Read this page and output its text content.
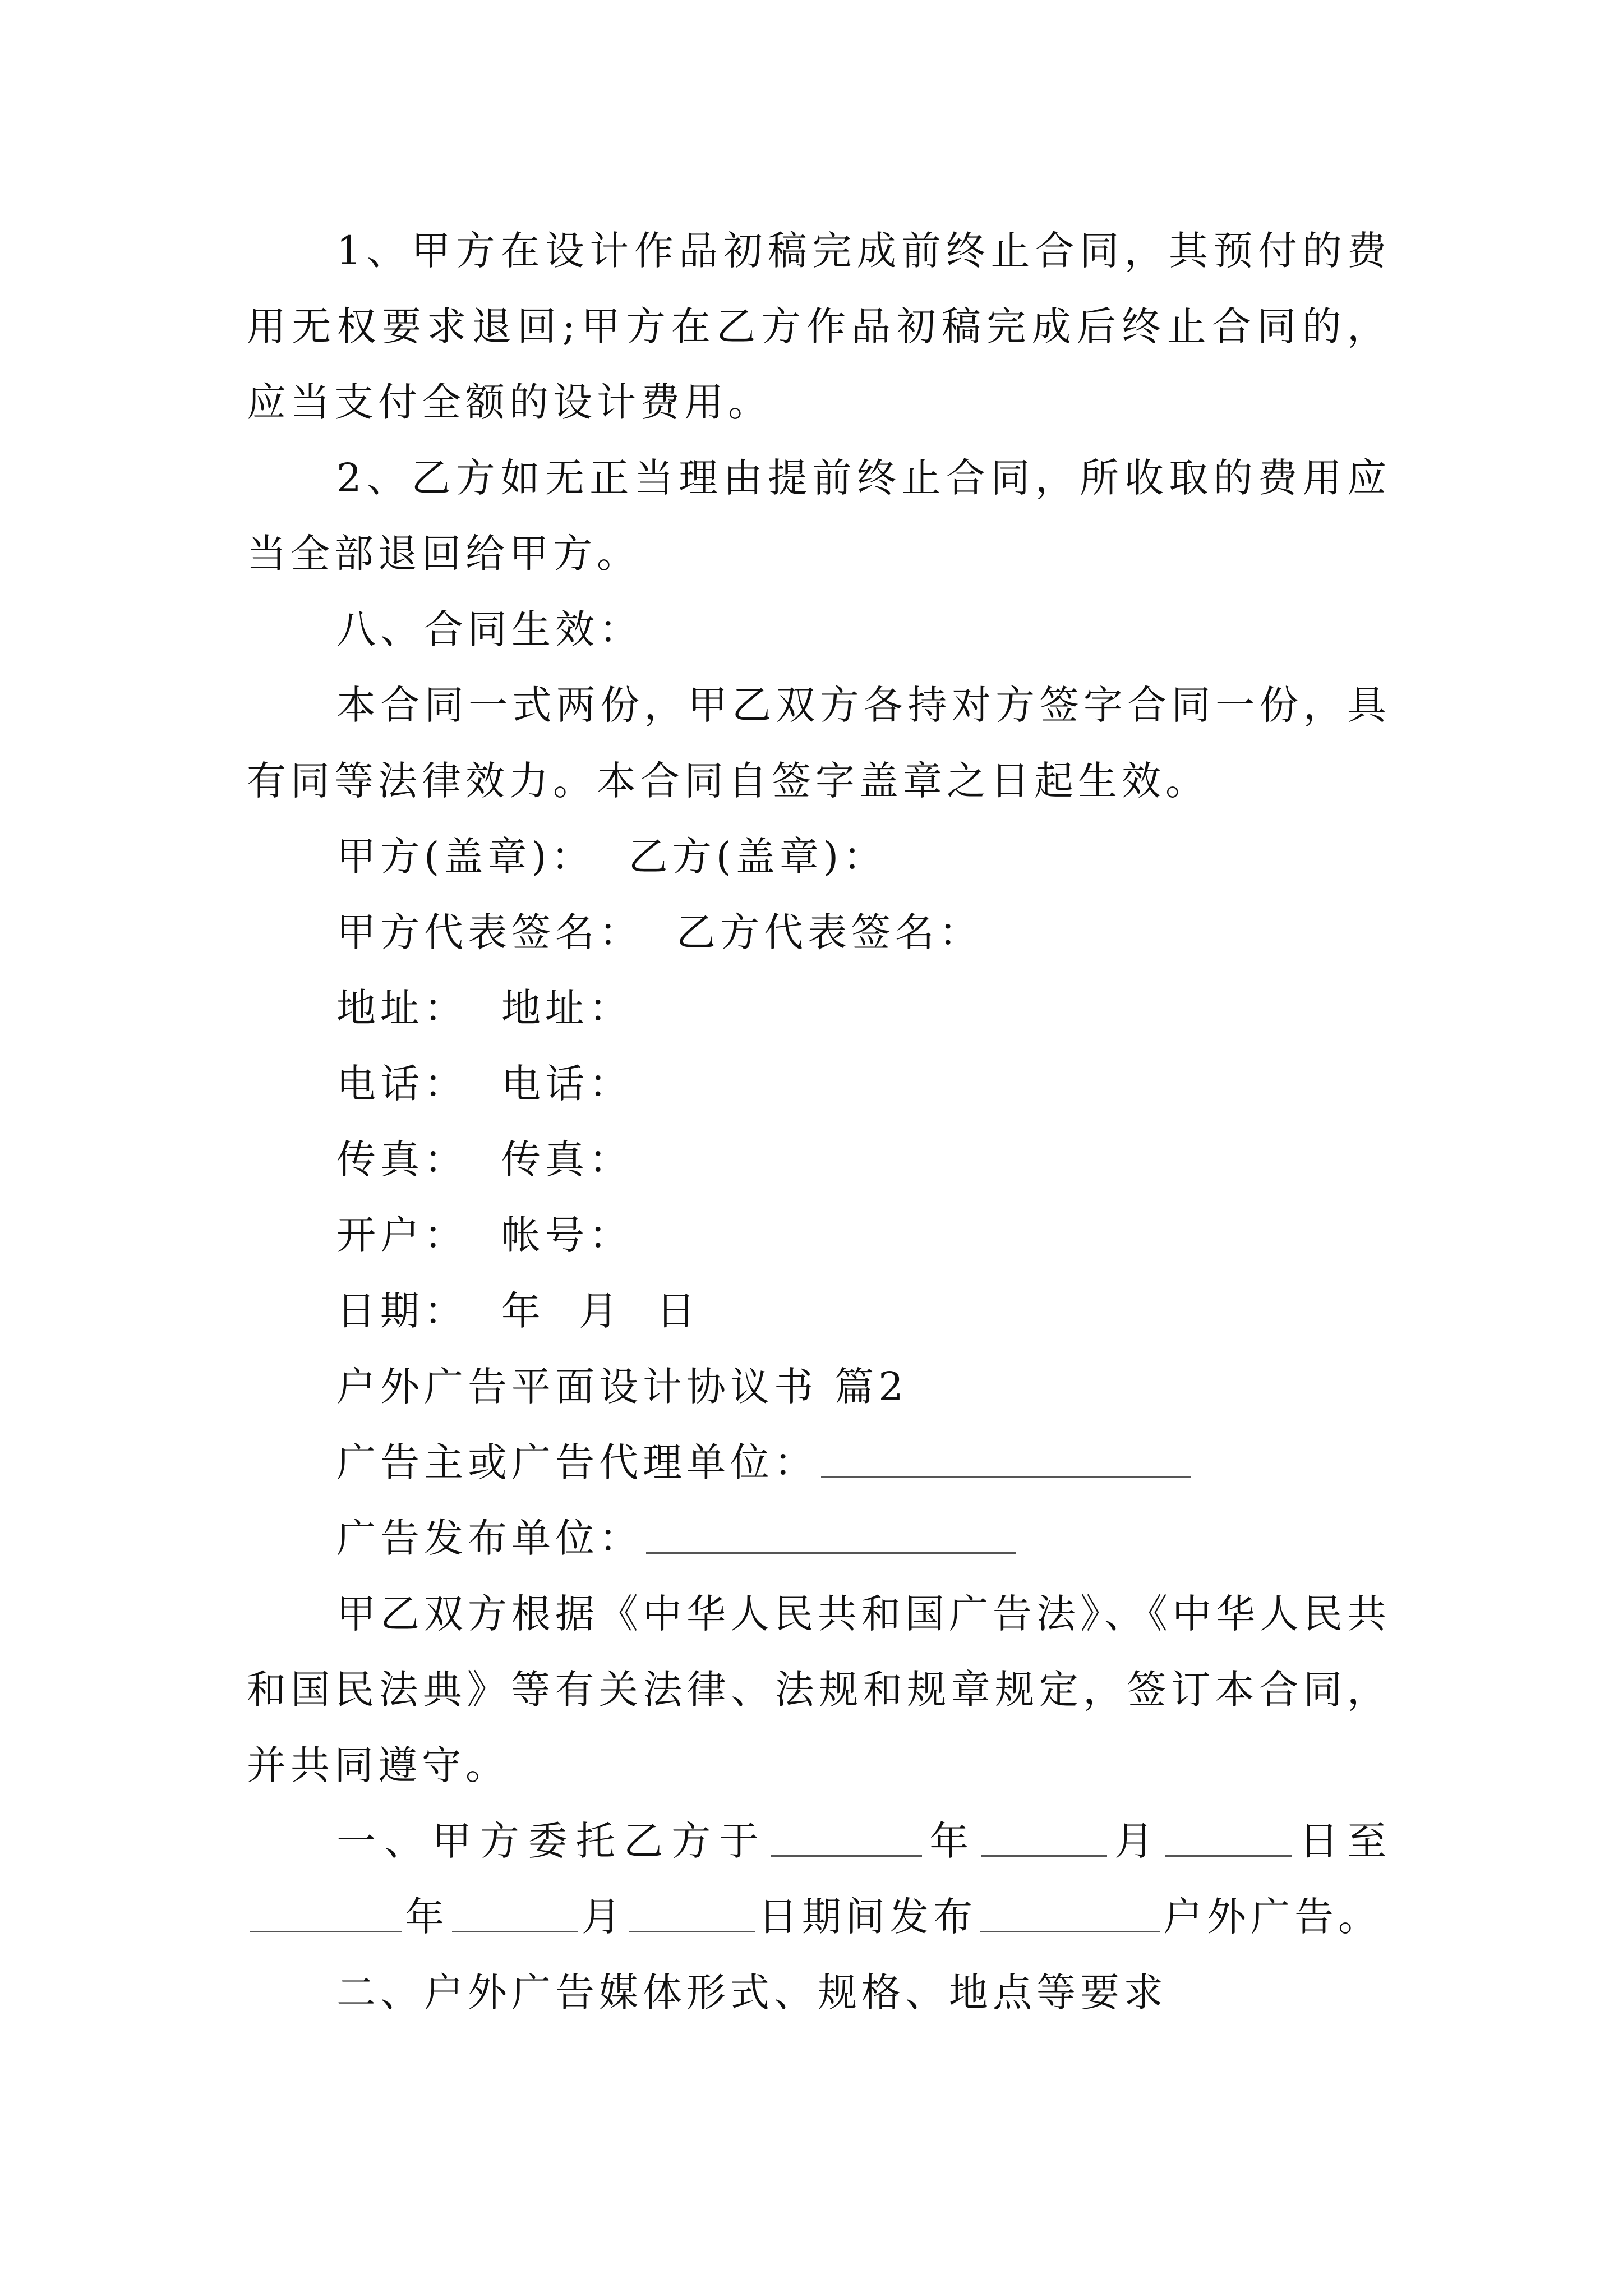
1、甲方在设计作品初稿完成前终止合同，其预付的费用无权要求退回;甲方在乙方作品初稿完成后终止合同的，应当支付全额的设计费用。

2、乙方如无正当理由提前终止合同，所收取的费用应当全部退回给甲方。

八、合同生效：

本合同一式两份，甲乙双方各持对方签字合同一份，具有同等法律效力。本合同自签字盖章之日起生效。

甲方(盖章)： 乙方(盖章)：

甲方代表签名： 乙方代表签名：

地址： 地址：

电话： 电话：

传真： 传真：

开户： 帐号：

日期： 年 月 日

户外广告平面设计协议书 篇2

广告主或广告代理单位：

广告发布单位：

甲乙双方根据《中华人民共和国广告法》、《中华人民共和国民法典》等有关法律、法规和规章规定，签订本合同，并共同遵守。

一、甲方委托乙方于	年	月	日至年	月	日期间发布	户外广告。

二、户外广告媒体形式、规格、地点等要求
